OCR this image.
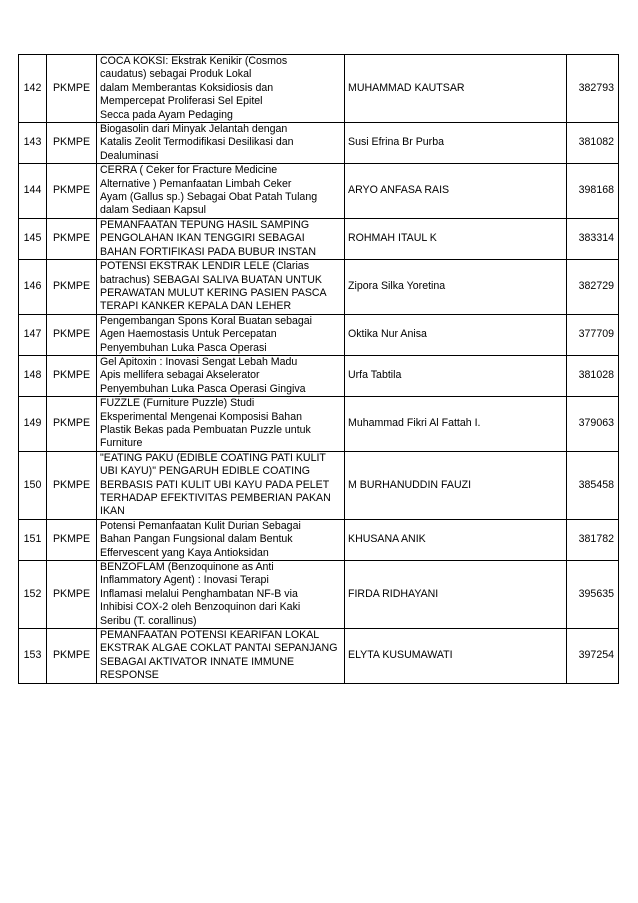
142	PKMPE	COCA KOKSI: Ekstrak Kenikir (Cosmos
caudatus) sebagai Produk Lokal
dalam Memberantas Koksidiosis dan
Mempercepat Proliferasi Sel Epitel
Secca pada Ayam Pedaging	MUHAMMAD KAUTSAR	382793
143	PKMPE	Biogasolin dari Minyak Jelantah dengan
Katalis Zeolit Termodifikasi Desilikasi dan
Dealuminasi	Susi Efrina Br Purba	381082
144	PKMPE	CERRA ( Ceker for Fracture Medicine
Alternative ) Pemanfaatan Limbah Ceker
Ayam (Gallus sp.) Sebagai Obat Patah Tulang
dalam Sediaan Kapsul	ARYO ANFASA RAIS	398168
145	PKMPE	PEMANFAATAN TEPUNG HASIL SAMPING
PENGOLAHAN IKAN TENGGIRI SEBAGAI
BAHAN FORTIFIKASI PADA BUBUR INSTAN	ROHMAH ITAUL K	383314
146	PKMPE	POTENSI EKSTRAK LENDIR LELE (Clarias
batrachus) SEBAGAI SALIVA BUATAN UNTUK
PERAWATAN MULUT KERING PASIEN PASCA
TERAPI KANKER KEPALA DAN LEHER	Zipora Silka Yoretina	382729
147	PKMPE	Pengembangan Spons Koral Buatan sebagai
Agen Haemostasis Untuk Percepatan
Penyembuhan Luka Pasca Operasi	Oktika Nur Anisa	377709
148	PKMPE	Gel Apitoxin : Inovasi Sengat Lebah Madu
Apis mellifera sebagai Akselerator
Penyembuhan Luka Pasca Operasi Gingiva	Urfa Tabtila	381028
149	PKMPE	FUZZLE (Furniture Puzzle) Studi
Eksperimental Mengenai Komposisi Bahan
Plastik Bekas pada Pembuatan Puzzle untuk
Furniture	Muhammad Fikri Al Fattah I.	379063
150	PKMPE	"EATING PAKU (EDIBLE COATING PATI KULIT
UBI KAYU)" PENGARUH EDIBLE COATING
BERBASIS PATI KULIT UBI KAYU PADA PELET
TERHADAP EFEKTIVITAS PEMBERIAN PAKAN
IKAN	M BURHANUDDIN FAUZI	385458
151	PKMPE	Potensi Pemanfaatan Kulit Durian Sebagai
Bahan Pangan Fungsional dalam Bentuk
Effervescent yang Kaya Antioksidan	KHUSANA ANIK	381782
152	PKMPE	BENZOFLAM (Benzoquinone as Anti
Inflammatory Agent) : Inovasi Terapi
Inflamasi melalui Penghambatan NF-B via
Inhibisi COX-2 oleh Benzoquinon dari Kaki
Seribu (T. corallinus)	FIRDA RIDHAYANI	395635
153	PKMPE	PEMANFAATAN POTENSI KEARIFAN LOKAL
EKSTRAK ALGAE COKLAT PANTAI SEPANJANG
SEBAGAI AKTIVATOR INNATE IMMUNE
RESPONSE	ELYTA KUSUMAWATI	397254
